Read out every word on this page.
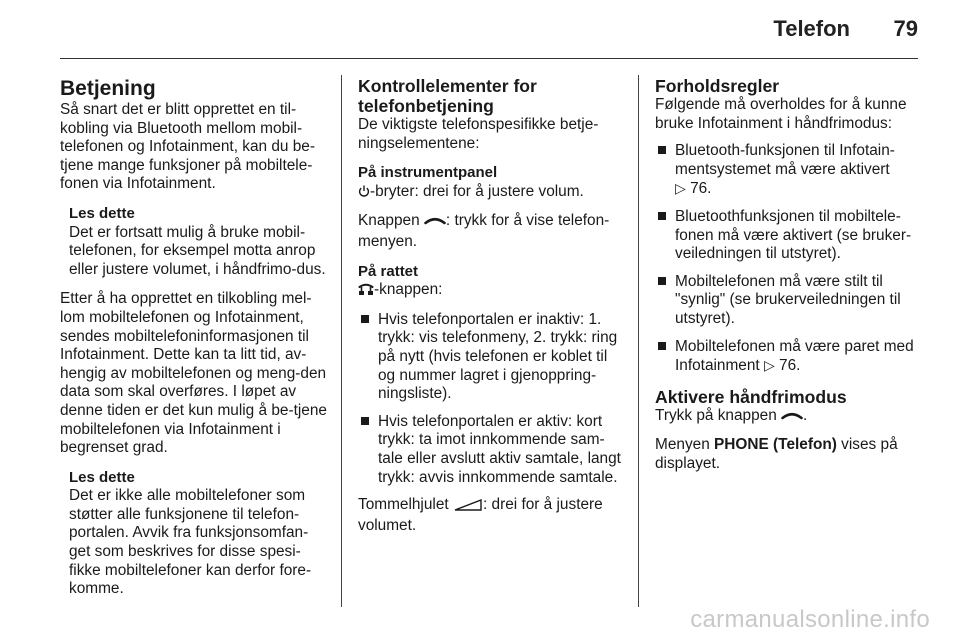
Telefon 79
Betjening

Så snart det er blitt opprettet en til-kobling via Bluetooth mellom mobil-telefonen og Infotainment, kan du be-tjene mange funksjoner på mobiltele-fonen via Infotainment.

Les dette

Det er fortsatt mulig å bruke mobil-telefonen, for eksempel motta anrop eller justere volumet, i håndfrimo-dus.

Etter å ha opprettet en tilkobling mel-lom mobiltelefonen og Infotainment, sendes mobiltelefoninformasjonen til Infotainment. Dette kan ta litt tid, av-hengig av mobiltelefonen og meng-den data som skal overføres. I løpet av denne tiden er det kun mulig å be-tjene mobiltelefonen via Infotainment i begrenset grad.

Les dette

Det er ikke alle mobiltelefoner som støtter alle funksjonene til telefon-portalen. Avvik fra funksjonsomfan-get som beskrives for disse spesi-fikke mobiltelefoner kan derfor fore-komme.

Kontrollelementer for telefonbetjening

De viktigste telefonspesifikke betje-ningselementene:

På instrumentpanel

-bryter: drei for å justere volum.

Knappen : trykk for å vise telefon-menyen.

På rattet

-knappen:

Hvis telefonportalen er inaktiv: 1. trykk: vis telefonmeny, 2. trykk: ring på nytt (hvis telefonen er koblet til og nummer lagret i gjenoppring-ningsliste).
Hvis telefonportalen er aktiv: kort trykk: ta imot innkommende sam-tale eller avslutt aktiv samtale, langt trykk: avvis innkommende samtale.

Tommelhjulet : drei for å justere volumet.

Forholdsregler

Følgende må overholdes for å kunne bruke Infotainment i håndfrimodus:

Bluetooth-funksjonen til Infotain-mentsystemet må være aktivert
▷ 76.
Bluetoothfunksjonen til mobiltele-fonen må være aktivert (se bruker-veiledningen til utstyret).
Mobiltelefonen må være stilt til "synlig" (se brukerveiledningen til utstyret).
Mobiltelefonen må være paret med Infotainment ▷ 76.
Aktivere håndfrimodus

Trykk på knappen .

Menyen PHONE (Telefon) vises på displayet.

carmanualsonline.info
